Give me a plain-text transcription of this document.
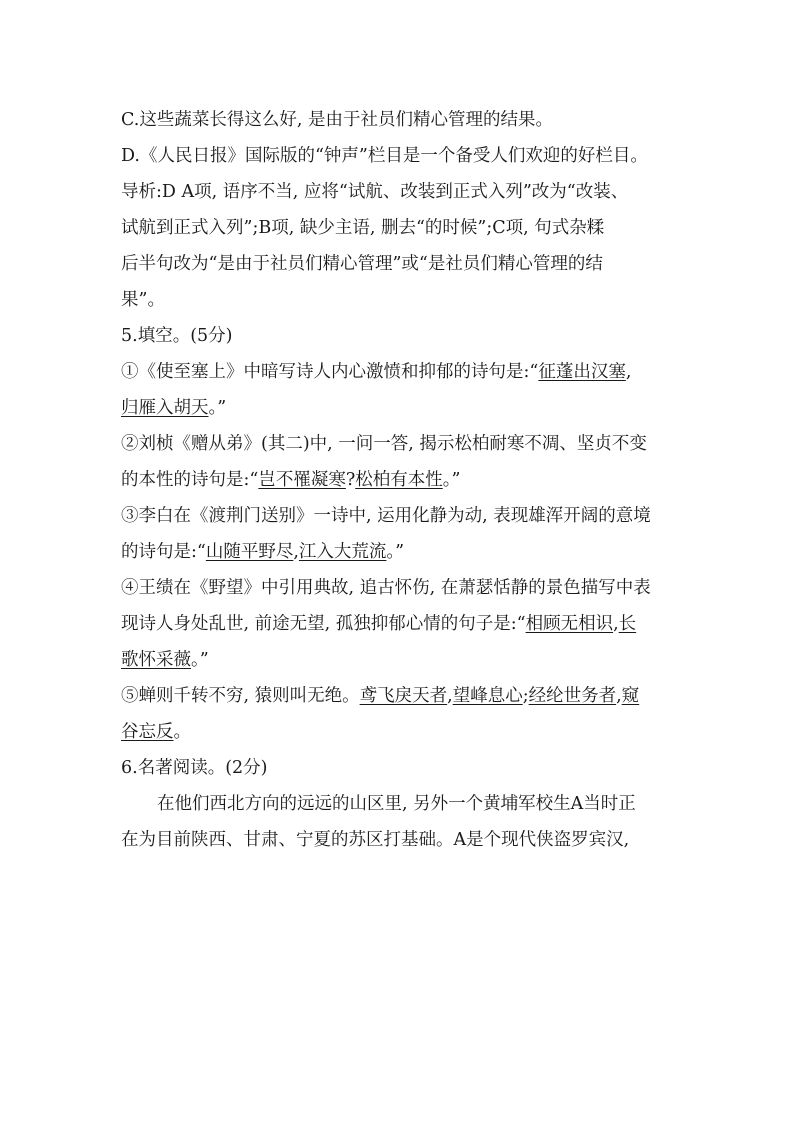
C.这些蔬菜长得这么好, 是由于社员们精心管理的结果。
D.《人民日报》国际版的“钟声”栏目是一个备受人们欢迎的好栏目。
导析:D A项, 语序不当, 应将“试航、改装到正式入列”改为“改装、
试航到正式入列”;B项, 缺少主语, 删去“的时候”;C项, 句式杂糅
后半句改为“是由于社员们精心管理”或“是社员们精心管理的结
果”。
5.填空。(5分)
①《使至塞上》中暗写诗人内心激愤和抑郁的诗句是:“征蓬出汉塞,
归雁入胡天。”
②刘桢《赠从弟》(其二)中, 一问一答, 揭示松柏耐寒不凋、坚贞不变
的本性的诗句是:“岂不罹凝寒?松柏有本性。”
③李白在《渡荆门送别》一诗中, 运用化静为动, 表现雄浑开阔的意境
的诗句是:“山随平野尽,江入大荒流。”
④王绩在《野望》中引用典故, 追古怀伤, 在萧瑟恬静的景色描写中表
现诗人身处乱世, 前途无望, 孤独抑郁心情的句子是:“相顾无相识,长
歌怀采薇。”
⑤蝉则千转不穷, 猿则叫无绝。鸢飞戾天者,望峰息心;经纶世务者,窥
谷忘反。
6.名著阅读。(2分)
在他们西北方向的远远的山区里, 另外一个黄埔军校生A当时正
在为目前陕西、甘肃、宁夏的苏区打基础。A是个现代侠盗罗宾汉,
